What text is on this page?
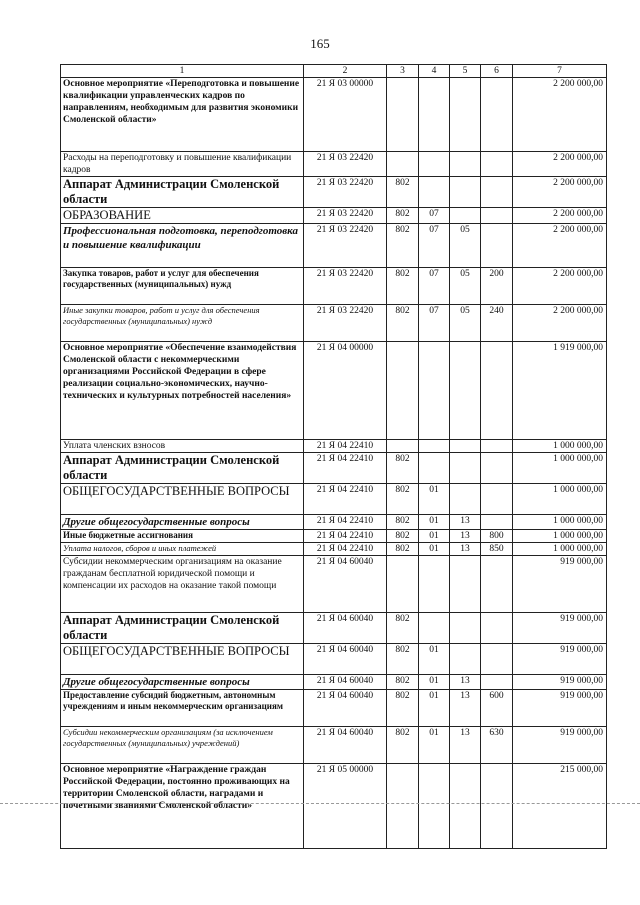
165
1	2	3	4	5	6	7
Основное мероприятие «Переподготовка и повышение квалификации управленческих кадров по направлениям, необходимым для развития экономики Смоленской области»	21 Я 03 00000					2 200 000,00
Расходы на переподготовку и повышение квалификации кадров	21 Я 03 22420					2 200 000,00
Аппарат Администрации Смоленской области	21 Я 03 22420	802				2 200 000,00
ОБРАЗОВАНИЕ	21 Я 03 22420	802	07			2 200 000,00
Профессиональная подготовка, переподготовка и повышение квалификации	21 Я 03 22420	802	07	05		2 200 000,00
Закупка товаров, работ и услуг для обеспечения государственных (муниципальных) нужд	21 Я 03 22420	802	07	05	200	2 200 000,00
Иные закупки товаров, работ и услуг для обеспечения государственных (муниципальных) нужд	21 Я 03 22420	802	07	05	240	2 200 000,00
Основное мероприятие «Обеспечение взаимодействия Смоленской области с некоммерческими организациями Российской Федерации в сфере реализации социально-экономических, научно-технических и культурных потребностей населения»	21 Я 04 00000					1 919 000,00
Уплата членских взносов	21 Я 04 22410					1 000 000,00
Аппарат Администрации Смоленской области	21 Я 04 22410	802				1 000 000,00
ОБЩЕГОСУДАРСТВЕННЫЕ ВОПРОСЫ	21 Я 04 22410	802	01			1 000 000,00
Другие общегосударственные вопросы	21 Я 04 22410	802	01	13		1 000 000,00
Иные бюджетные ассигнования	21 Я 04 22410	802	01	13	800	1 000 000,00
Уплата налогов, сборов и иных платежей	21 Я 04 22410	802	01	13	850	1 000 000,00
Субсидии некоммерческим организациям на оказание гражданам бесплатной юридической помощи и компенсации их расходов на оказание такой помощи	21 Я 04 60040					919 000,00
Аппарат Администрации Смоленской области	21 Я 04 60040	802				919 000,00
ОБЩЕГОСУДАРСТВЕННЫЕ ВОПРОСЫ	21 Я 04 60040	802	01			919 000,00
Другие общегосударственные вопросы	21 Я 04 60040	802	01	13		919 000,00
Предоставление субсидий бюджетным, автономным учреждениям и иным некоммерческим организациям	21 Я 04 60040	802	01	13	600	919 000,00
Субсидии некоммерческим организациям (за исключением государственных (муниципальных) учреждений)	21 Я 04 60040	802	01	13	630	919 000,00
Основное мероприятие «Награждение граждан Российской Федерации, постоянно проживающих на территории Смоленской области, наградами и почетными званиями Смоленской области»	21 Я 05 00000					215 000,00
